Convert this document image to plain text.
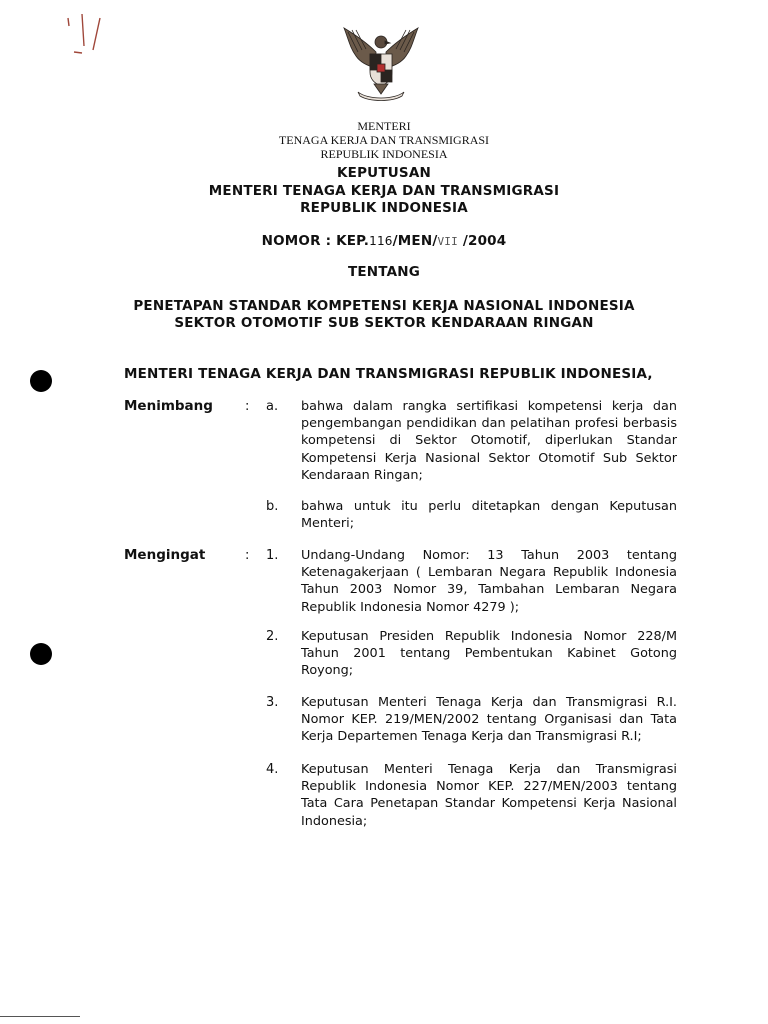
MENTERI
TENAGA KERJA DAN TRANSMIGRASI
REPUBLIK INDONESIA
KEPUTUSAN
MENTERI TENAGA KERJA DAN TRANSMIGRASI
REPUBLIK INDONESIA
NOMOR : KEP.116/MEN/VII /2004
TENTANG
PENETAPAN STANDAR KOMPETENSI KERJA NASIONAL INDONESIA
SEKTOR OTOMOTIF SUB SEKTOR KENDARAAN RINGAN
MENTERI TENAGA KERJA DAN TRANSMIGRASI REPUBLIK INDONESIA,
Menimbang : a. bahwa dalam rangka sertifikasi kompetensi kerja dan
pengembangan pendidikan dan pelatihan profesi berbasis
kompetensi di Sektor Otomotif, diperlukan Standar
Kompetensi Kerja Nasional Sektor Otomotif Sub Sektor
Kendaraan Ringan;
b. bahwa untuk itu perlu ditetapkan dengan Keputusan
Menteri;
Mengingat	: 1. Undang-Undang Nomor: 13 Tahun 2003 tentang
Ketenagakerjaan ( Lembaran Negara Republik Indonesia
Tahun 2003 Nomor 39, Tambahan Lembaran Negara
Republik Indonesia Nomor 4279 );
2. Keputusan Presiden Republik Indonesia Nomor 228/M
Tahun 2001 tentang Pembentukan Kabinet Gotong
Royong;
3. Keputusan Menteri Tenaga Kerja dan Transmigrasi R.I.
Nomor KEP. 219/MEN/2002 tentang Organisasi dan Tata
Kerja Departemen Tenaga Kerja dan Transmigrasi R.I;
4. Keputusan Menteri Tenaga Kerja dan Transmigrasi
Republik Indonesia Nomor KEP. 227/MEN/2003 tentang
Tata Cara Penetapan Standar Kompetensi Kerja Nasional
Indonesia;
